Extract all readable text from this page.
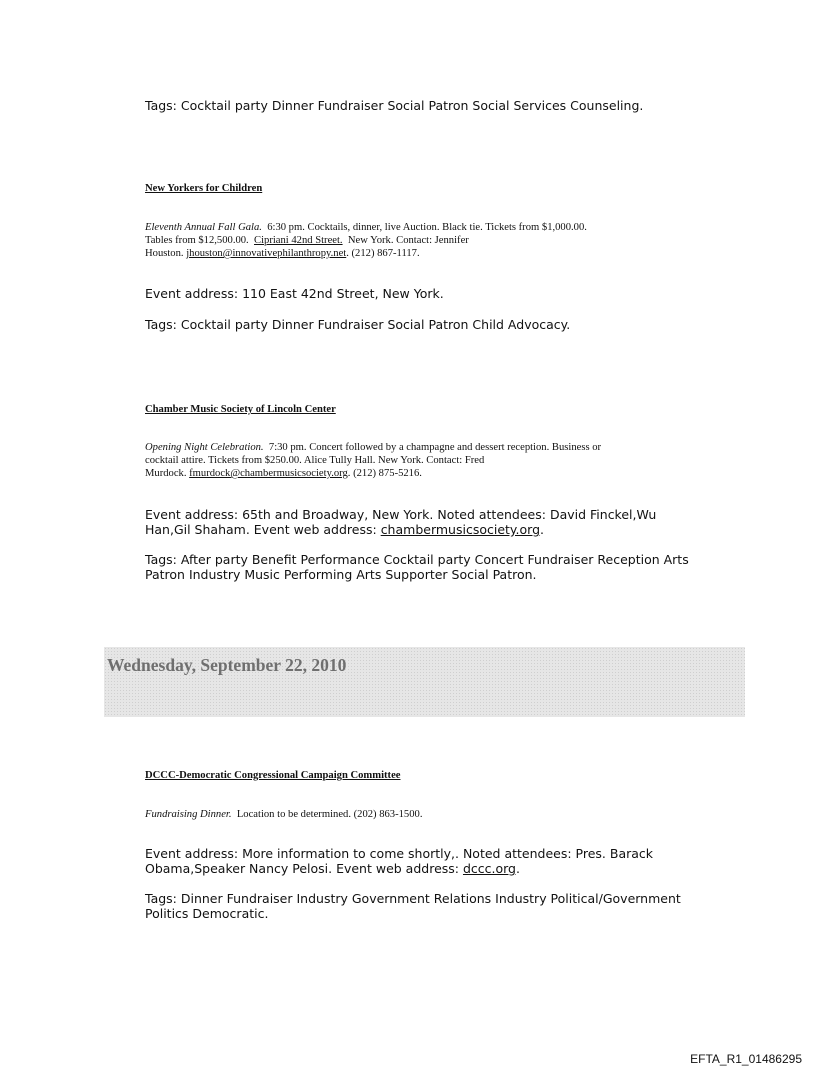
Tags: Cocktail party Dinner Fundraiser Social Patron Social Services Counseling.
New Yorkers for Children
Eleventh Annual Fall Gala. 6:30 pm. Cocktails, dinner, live Auction. Black tie. Tickets from $1,000.00.
Tables from $12,500.00. Cipriani 42nd Street. New York. Contact: Jennifer
Houston. jhouston@innovativephilanthropy.net. (212) 867-1117.
Event address: 110 East 42nd Street, New York.
Tags: Cocktail party Dinner Fundraiser Social Patron Child Advocacy.
Chamber Music Society of Lincoln Center
Opening Night Celebration. 7:30 pm. Concert followed by a champagne and dessert reception. Business or
cocktail attire. Tickets from $250.00. Alice Tully Hall. New York. Contact: Fred
Murdock. fmurdock@chambermusicsociety.org. (212) 875-5216.
Event address: 65th and Broadway, New York. Noted attendees: David Finckel,Wu
Han,Gil Shaham. Event web address: chambermusicsociety.org.
Tags: After party Benefit Performance Cocktail party Concert Fundraiser Reception Arts
Patron Industry Music Performing Arts Supporter Social Patron.
Wednesday, September 22, 2010
DCCC-Democratic Congressional Campaign Committee
Fundraising Dinner. Location to be determined. (202) 863-1500.
Event address: More information to come shortly,. Noted attendees: Pres. Barack
Obama,Speaker Nancy Pelosi. Event web address: dccc.org.
Tags: Dinner Fundraiser Industry Government Relations Industry Political/Government
Politics Democratic.
EFTA_R1_01486295
